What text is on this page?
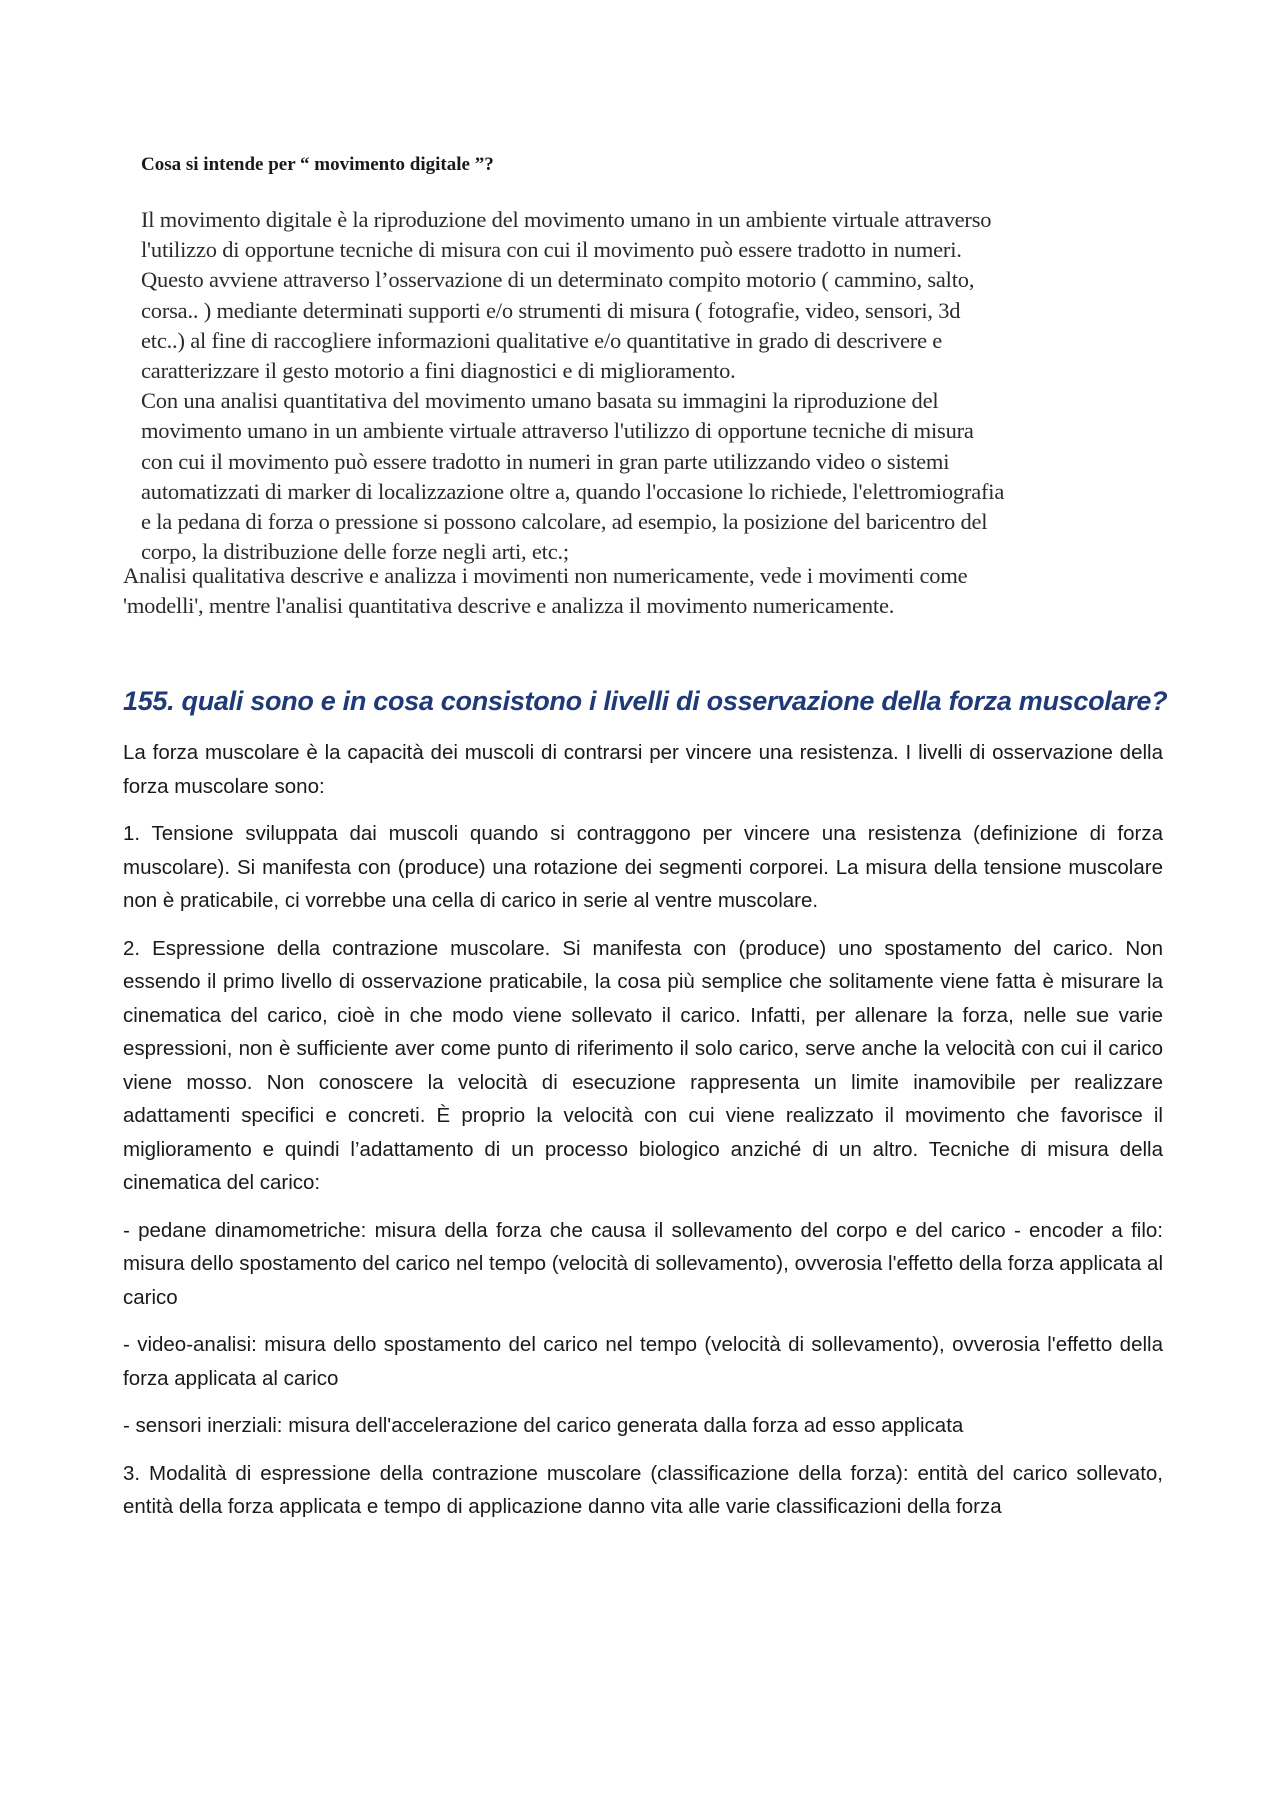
Cosa si intende per “ movimento digitale ”?

Il movimento digitale è la riproduzione del movimento umano in un ambiente virtuale attraverso

l'utilizzo di opportune tecniche di misura con cui il movimento può essere tradotto in numeri.

Questo avviene attraverso l’osservazione di un determinato compito motorio ( cammino, salto,

corsa.. ) mediante determinati supporti e/o strumenti di misura ( fotografie, video, sensori, 3d

etc..) al fine di raccogliere informazioni qualitative e/o quantitative in grado di descrivere e

caratterizzare il gesto motorio a fini diagnostici e di miglioramento.

Con una analisi quantitativa del movimento umano basata su immagini la riproduzione del

movimento umano in un ambiente virtuale attraverso l'utilizzo di opportune tecniche di misura

con cui il movimento può essere tradotto in numeri in gran parte utilizzando video o sistemi

automatizzati di marker di localizzazione oltre a, quando l'occasione lo richiede, l'elettromiografia

e la pedana di forza o pressione si possono calcolare, ad esempio, la posizione del baricentro del

corpo, la distribuzione delle forze negli arti, etc.;

Analisi qualitativa descrive e analizza i movimenti non numericamente, vede i movimenti come

'modelli', mentre l'analisi quantitativa descrive e analizza il movimento numericamente.

155. quali sono e in cosa consistono i livelli di osservazione della forza muscolare?

La forza muscolare è la capacità dei muscoli di contrarsi per vincere una resistenza. I livelli di osservazione della forza muscolare sono:

1. Tensione sviluppata dai muscoli quando si contraggono per vincere una resistenza (definizione di forza muscolare). Si manifesta con (produce) una rotazione dei segmenti corporei. La misura della tensione muscolare non è praticabile, ci vorrebbe una cella di carico in serie al ventre muscolare.

2. Espressione della contrazione muscolare. Si manifesta con (produce) uno spostamento del carico. Non essendo il primo livello di osservazione praticabile, la cosa più semplice che solitamente viene fatta è misurare la cinematica del carico, cioè in che modo viene sollevato il carico. Infatti, per allenare la forza, nelle sue varie espressioni, non è sufficiente aver come punto di riferimento il solo carico, serve anche la velocità con cui il carico viene mosso. Non conoscere la velocità di esecuzione rappresenta un limite inamovibile per realizzare adattamenti specifici e concreti. È proprio la velocità con cui viene realizzato il movimento che favorisce il miglioramento e quindi l’adattamento di un processo biologico anziché di un altro. Tecniche di misura della cinematica del carico:

- pedane dinamometriche: misura della forza che causa il sollevamento del corpo e del carico - encoder a filo: misura dello spostamento del carico nel tempo (velocità di sollevamento), ovverosia l'effetto della forza applicata al carico

- video-analisi: misura dello spostamento del carico nel tempo (velocità di sollevamento), ovverosia l'effetto della forza applicata al carico

- sensori inerziali: misura dell'accelerazione del carico generata dalla forza ad esso applicata

3. Modalità di espressione della contrazione muscolare (classificazione della forza): entità del carico sollevato, entità della forza applicata e tempo di applicazione danno vita alle varie classificazioni della forza
